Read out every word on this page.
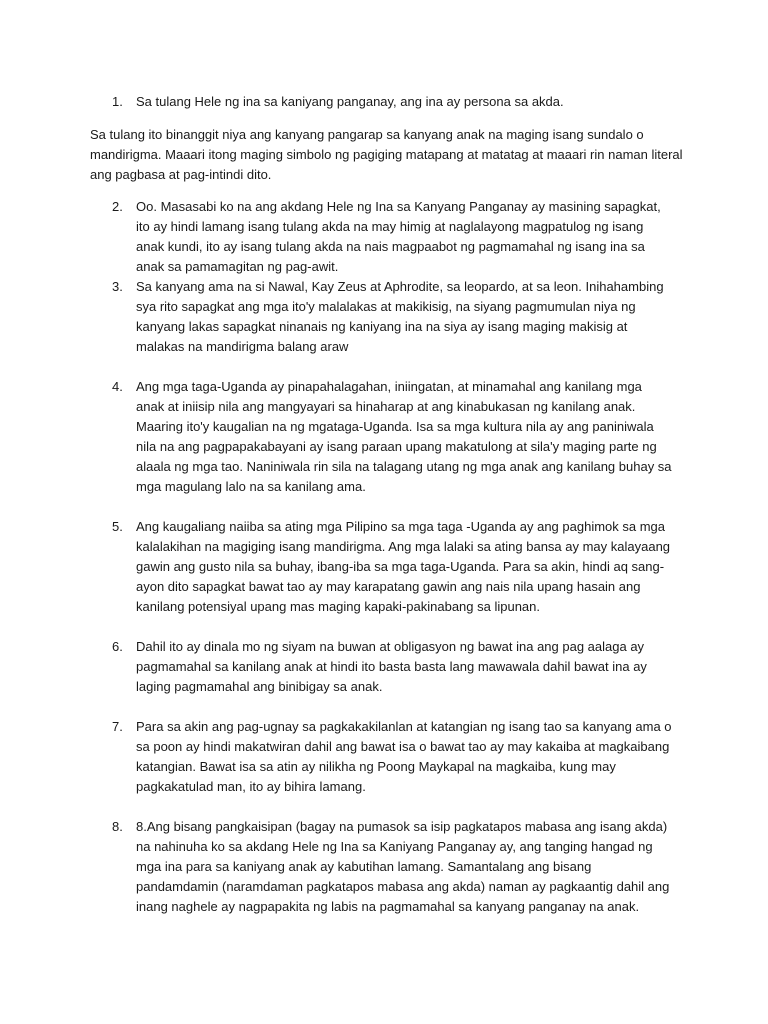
1.	Sa tulang Hele ng ina sa kaniyang panganay, ang ina ay persona sa akda.
Sa tulang ito binanggit niya ang kanyang pangarap sa kanyang anak na maging isang sundalo o mandirigma. Maaari itong maging simbolo ng pagiging matapang at matatag at maaari rin naman literal ang pagbasa at pag-intindi dito.
2.	Oo. Masasabi ko na ang akdang Hele ng Ina sa Kanyang Panganay ay masining sapagkat, ito ay hindi lamang isang tulang akda na may himig at naglalayong magpatulog ng isang anak kundi, ito ay isang tulang akda na nais magpaabot ng pagmamahal ng isang ina sa anak sa pamamagitan ng pag-awit.
3.	Sa kanyang ama na si Nawal, Kay Zeus at Aphrodite, sa leopardo, at sa leon. Inihahambing sya rito sapagkat ang mga ito'y malalakas at makikisig, na siyang pagmumulan niya ng kanyang lakas sapagkat ninanais ng kaniyang ina na siya ay isang maging makisig at malakas na mandirigma balang araw
4.	Ang mga taga-Uganda ay pinapahalagahan, iniingatan, at minamahal ang kanilang mga anak at iniisip nila ang mangyayari sa hinaharap at ang kinabukasan ng kanilang anak. Maaring ito'y kaugalian na ng mgataga-Uganda. Isa sa mga kultura nila ay ang paniniwala nila na ang pagpapakabayani ay isang paraan upang makatulong at sila'y maging parte ng alaala ng mga tao. Naniniwala rin sila na talagang utang ng mga anak ang kanilang buhay sa mga magulang lalo na sa kanilang ama.
5.	Ang kaugaliang naiiba sa ating mga Pilipino sa mga taga -Uganda ay ang paghimok sa mga kalalakihan na magiging isang mandirigma. Ang mga lalaki sa ating bansa ay may kalayaang gawin ang gusto nila sa buhay, ibang-iba sa mga taga-Uganda. Para sa akin, hindi aq sang-ayon dito sapagkat bawat tao ay may karapatang gawin ang nais nila upang hasain ang kanilang potensiyal upang mas maging kapaki-pakinabang sa lipunan.
6.	Dahil ito ay dinala mo ng siyam na buwan at obligasyon ng bawat ina ang pag aalaga ay pagmamahal sa kanilang anak at hindi ito basta basta lang mawawala dahil bawat ina ay laging pagmamahal ang binibigay sa anak.
7.	Para sa akin ang pag-ugnay sa pagkakakilanlan at katangian ng isang tao sa kanyang ama o sa poon ay hindi makatwiran dahil ang bawat isa o bawat tao ay may kakaiba at magkaibang katangian. Bawat isa sa atin ay nilikha ng Poong Maykapal na magkaiba, kung may pagkakatulad man, ito ay bihira lamang.
8.	8.Ang bisang pangkaisipan (bagay na pumasok sa isip pagkatapos mabasa ang isang akda) na nahinuha ko sa akdang Hele ng Ina sa Kaniyang Panganay ay, ang tanging hangad ng mga ina para sa kaniyang anak ay kabutihan lamang. Samantalang ang bisang pandamdamin (naramdaman pagkatapos mabasa ang akda) naman ay pagkaantig dahil ang inang naghele ay nagpapakita ng labis na pagmamahal sa kanyang panganay na anak.
